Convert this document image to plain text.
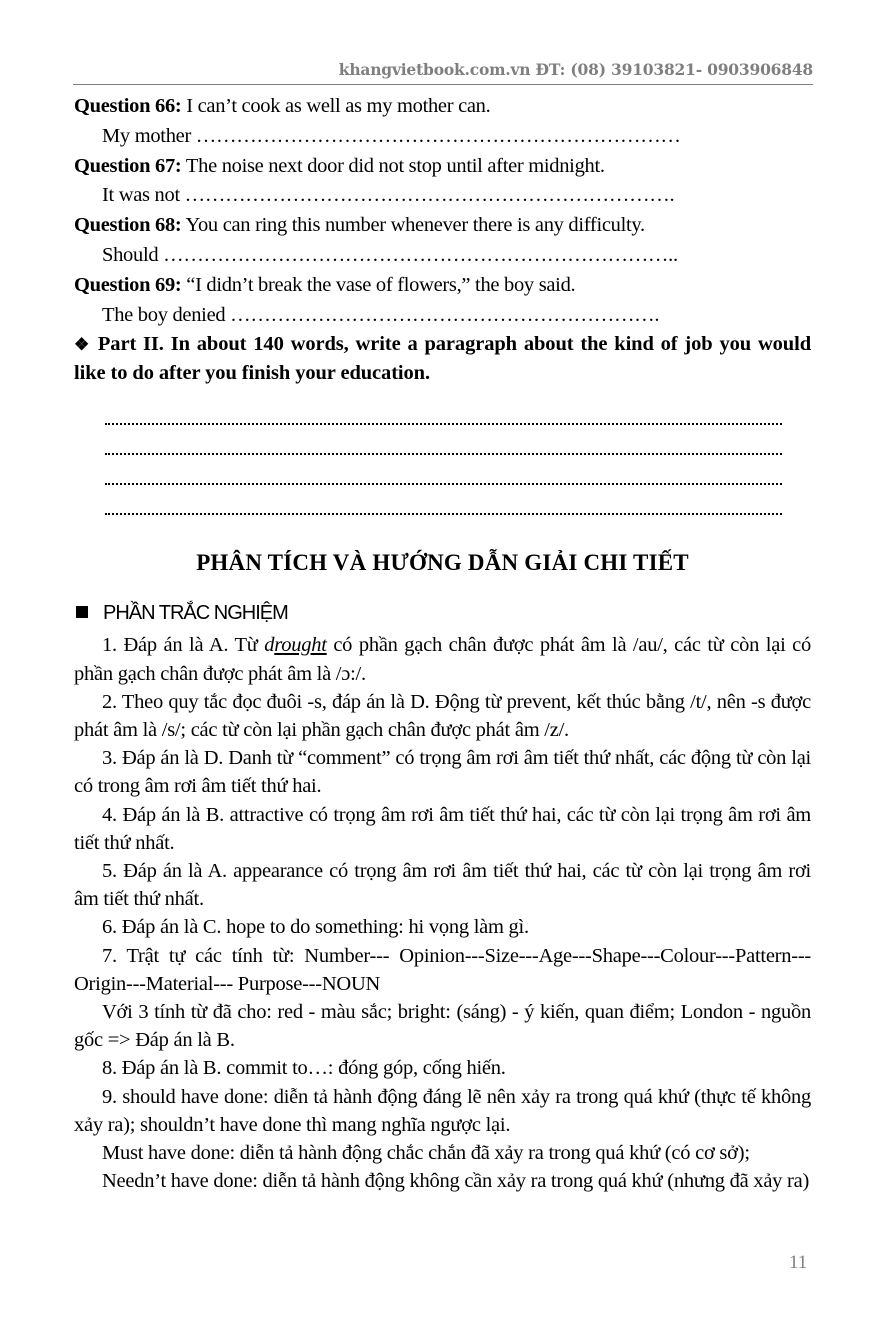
khangvietbook.com.vn ĐT: (08) 39103821- 0903906848
Question 66: I can’t cook as well as my mother can.
My mother ………………………………………………………………
Question 67: The noise next door did not stop until after midnight.
It was not ……………………………………………………………….
Question 68: You can ring this number whenever there is any difficulty.
Should …………………………………………………………………..
Question 69: “I didn’t break the vase of flowers,” the boy said.
The boy denied ……………………………………………………….
❖ Part II. In about 140 words, write a paragraph about the kind of job you would like to do after you finish your education.
PHÂN TÍCH VÀ HƯỚNG DẪN GIẢI CHI TIẾT
PHẦN TRẮC NGHIỆM
1. Đáp án là A. Từ drought có phần gạch chân được phát âm là /au/, các từ còn lại có phần gạch chân được phát âm là /ɔ:/.
2. Theo quy tắc đọc đuôi -s, đáp án là D. Động từ prevent, kết thúc bằng /t/, nên -s được phát âm là /s/; các từ còn lại phần gạch chân được phát âm /z/.
3. Đáp án là D. Danh từ “comment” có trọng âm rơi âm tiết thứ nhất, các động từ còn lại có trong âm rơi âm tiết thứ hai.
4. Đáp án là B. attractive có trọng âm rơi âm tiết thứ hai, các từ còn lại trọng âm rơi âm tiết thứ nhất.
5. Đáp án là A. appearance có trọng âm rơi âm tiết thứ hai, các từ còn lại trọng âm rơi âm tiết thứ nhất.
6. Đáp án là C. hope to do something: hi vọng làm gì.
7. Trật tự các tính từ: Number--- Opinion---Size---Age---Shape---Colour---Pattern---Origin---Material--- Purpose---NOUN
Với 3 tính từ đã cho: red - màu sắc; bright: (sáng) - ý kiến, quan điểm; London - nguồn gốc => Đáp án là B.
8. Đáp án là B. commit to…: đóng góp, cống hiến.
9. should have done: diễn tả hành động đáng lẽ nên xảy ra trong quá khứ (thực tế không xảy ra); shouldn’t have done thì mang nghĩa ngược lại.
Must have done: diễn tả hành động chắc chắn đã xảy ra trong quá khứ (có cơ sở);
Needn’t have done: diễn tả hành động không cần xảy ra trong quá khứ (nhưng đã xảy ra)
11
